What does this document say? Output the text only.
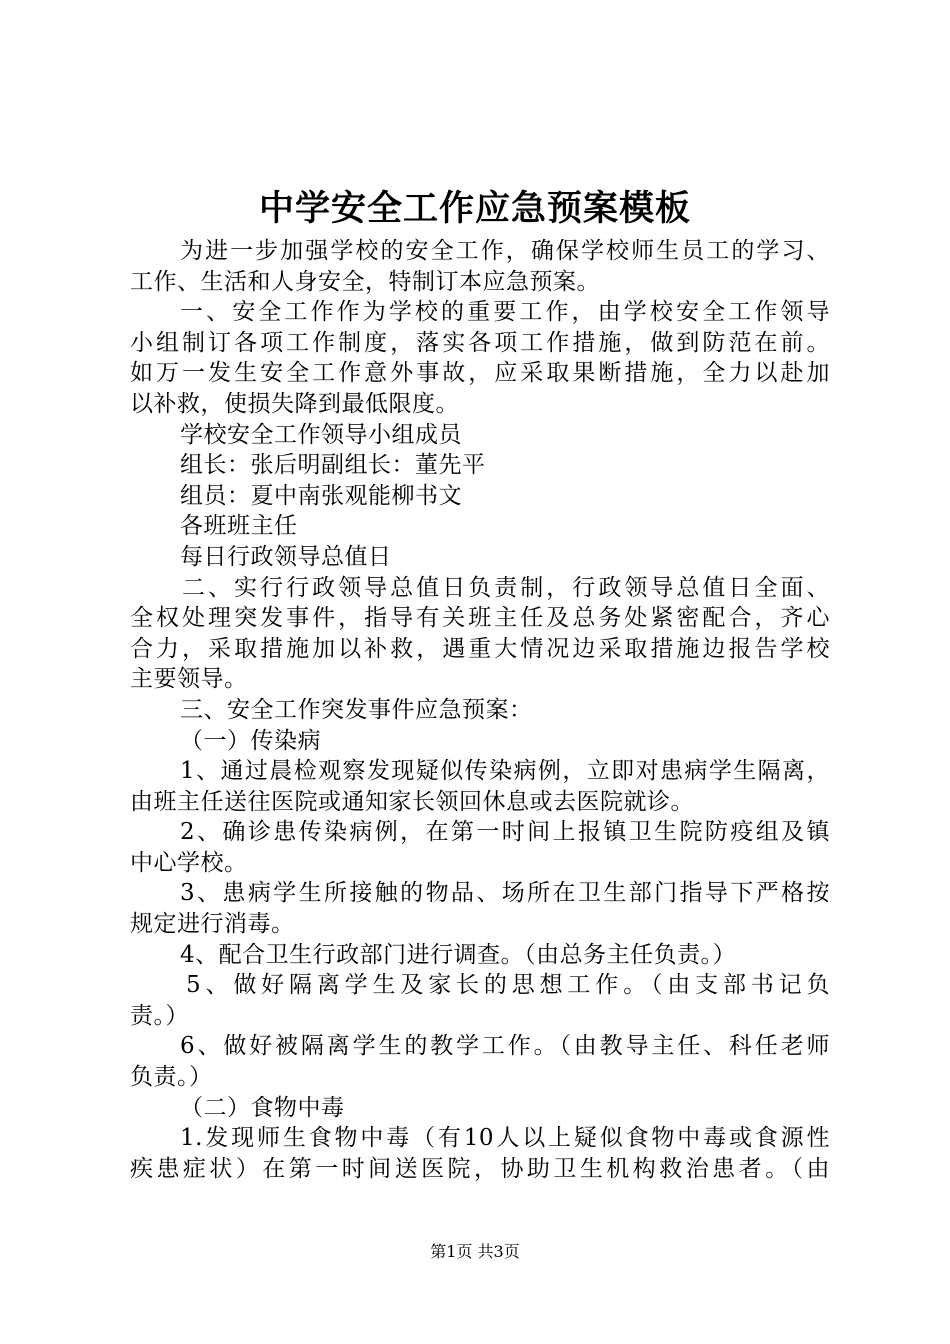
中学安全工作应急预案模板
为进一步加强学校的安全工作，确保学校师生员工的学习、
工作、生活和人身安全，特制订本应急预案。
一、安全工作作为学校的重要工作，由学校安全工作领导
小组制订各项工作制度，落实各项工作措施，做到防范在前。
如万一发生安全工作意外事故，应采取果断措施，全力以赴加
以补救，使损失降到最低限度。
学校安全工作领导小组成员
组长：张后明副组长：董先平
组员：夏中南张观能柳书文
各班班主任
每日行政领导总值日
二、实行行政领导总值日负责制，行政领导总值日全面、
全权处理突发事件，指导有关班主任及总务处紧密配合，齐心
合力，采取措施加以补救，遇重大情况边采取措施边报告学校
主要领导。
三、安全工作突发事件应急预案：
（一）传染病
1、通过晨检观察发现疑似传染病例，立即对患病学生隔离，
由班主任送往医院或通知家长领回休息或去医院就诊。
2、确诊患传染病例，在第一时间上报镇卫生院防疫组及镇
中心学校。
3、患病学生所接触的物品、场所在卫生部门指导下严格按
规定进行消毒。
4、配合卫生行政部门进行调查。（由总务主任负责。）
5、做好隔离学生及家长的思想工作。（由支部书记负
责。）
6、做好被隔离学生的教学工作。（由教导主任、科任老师
负责。）
（二）食物中毒
1.发现师生食物中毒（有10人以上疑似食物中毒或食源性
疾患症状）在第一时间送医院，协助卫生机构救治患者。（由
第1页 共3页
